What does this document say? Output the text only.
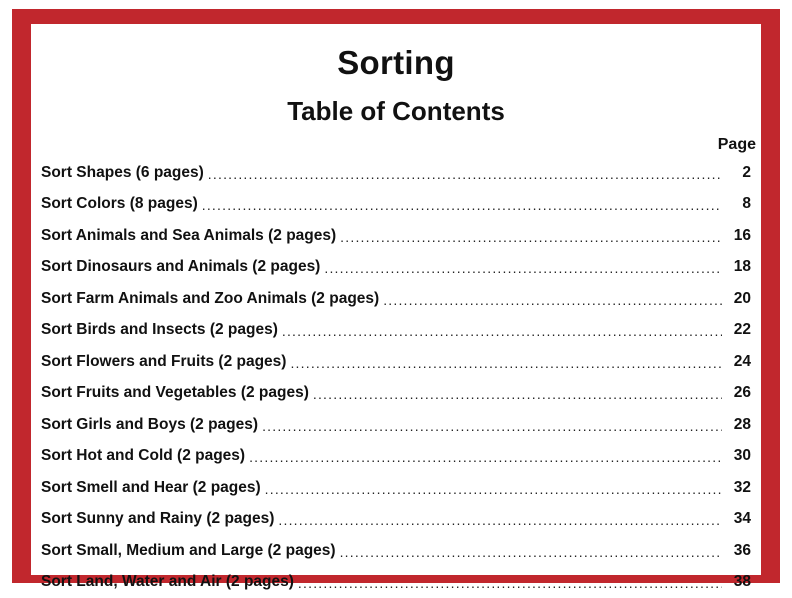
Sorting
Table of Contents
Page
Sort Shapes (6 pages) .....	2
Sort Colors (8 pages) .....	8
Sort Animals and Sea Animals (2 pages) .....	16
Sort Dinosaurs and Animals (2 pages) .....	18
Sort Farm Animals and Zoo Animals (2 pages) .....	20
Sort Birds and Insects (2 pages) .....	22
Sort Flowers and Fruits (2 pages) .....	24
Sort Fruits and Vegetables (2 pages) .....	26
Sort Girls and Boys (2 pages) .....	28
Sort Hot and Cold (2 pages) .....	30
Sort Smell and Hear (2 pages) .....	32
Sort Sunny and Rainy (2 pages) .....	34
Sort Small, Medium and Large (2 pages) .....	36
Sort Land, Water and Air (2 pages) .....	38
